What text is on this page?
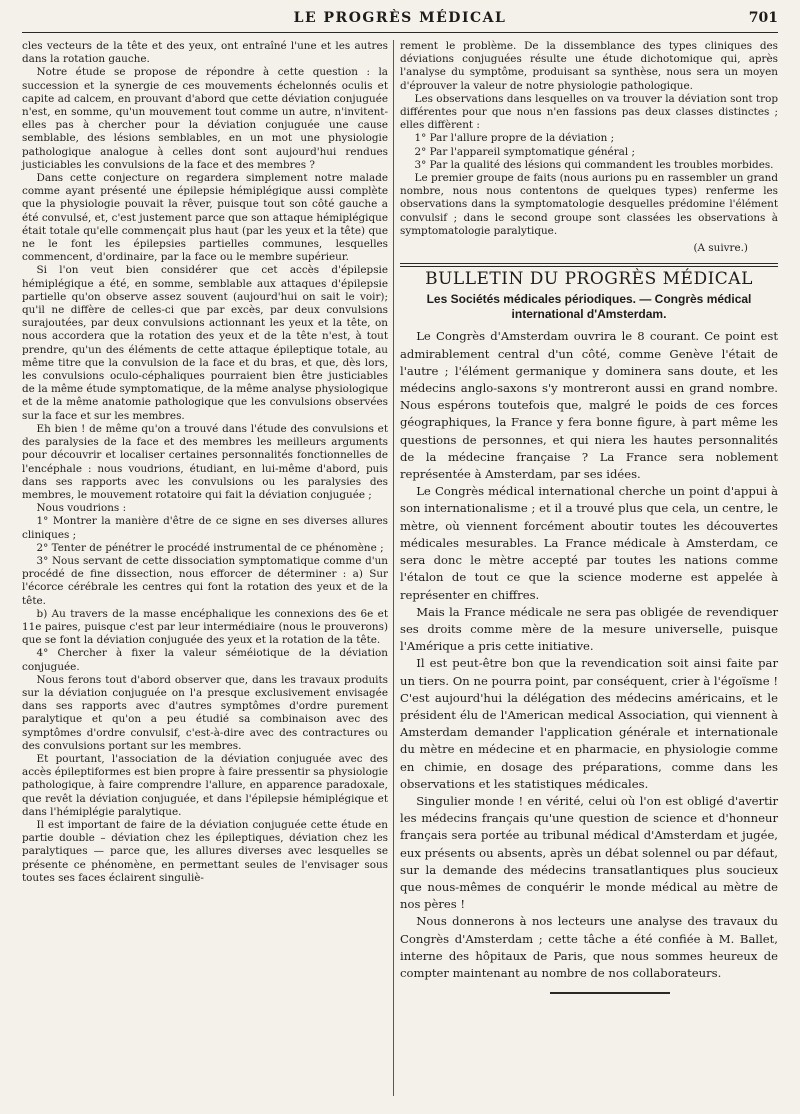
LE PROGRÈS MÉDICAL	701

cles vecteurs de la tête et des yeux, ont entraîné l'une et les autres dans la rotation gauche.

Notre étude se propose de répondre à cette question : la succession et la synergie de ces mouvements échelonnés oculis et capite ad calcem, en prouvant d'abord que cette déviation conjuguée n'est, en somme, qu'un mouvement tout comme un autre, n'invitent-elles pas à chercher pour la déviation conjuguée une cause semblable, des lésions semblables, en un mot une physiologie pathologique analogue à celles dont sont aujourd'hui rendues justiciables les convulsions de la face et des membres ?

Dans cette conjecture on regardera simplement notre malade comme ayant présenté une épilepsie hémiplégique aussi complète que la physiologie pouvait la rêver, puisque tout son côté gauche a été convulsé, et, c'est justement parce que son attaque hémiplégique était totale qu'elle commençait plus haut (par les yeux et la tête) que ne le font les épilepsies partielles communes, lesquelles commencent, d'ordinaire, par la face ou le membre supérieur.

Si l'on veut bien considérer que cet accès d'épilepsie hémiplégique a été, en somme, semblable aux attaques d'épilepsie partielle qu'on observe assez souvent (aujourd'hui on sait le voir); qu'il ne diffère de celles-ci que par excès, par deux convulsions surajoutées, par deux convulsions actionnant les yeux et la tête, on nous accordera que la rotation des yeux et de la tête n'est, à tout prendre, qu'un des éléments de cette attaque épileptique totale, au même titre que la convulsion de la face et du bras, et que, dès lors, les convulsions oculo-céphaliques pourraient bien être justiciables de la même étude symptomatique, de la même analyse physiologique et de la même anatomie pathologique que les convulsions observées sur la face et sur les membres.

Eh bien ! de même qu'on a trouvé dans l'étude des convulsions et des paralysies de la face et des membres les meilleurs arguments pour découvrir et localiser certaines personnalités fonctionnelles de l'encéphale : nous voudrions, étudiant, en lui-même d'abord, puis dans ses rapports avec les convulsions ou les paralysies des membres, le mouvement rotatoire qui fait la déviation conjuguée ;

Nous voudrions :

1° Montrer la manière d'être de ce signe en ses diverses allures cliniques ;
2° Tenter de pénétrer le procédé instrumental de ce phénomène ;
3° Nous servant de cette dissociation symptomatique comme d'un procédé de fine dissection, nous efforcer de déterminer : a) Sur l'écorce cérébrale les centres qui font la rotation des yeux et de la tête.
b) Au travers de la masse encéphalique les connexions des 6e et 11e paires, puisque c'est par leur intermédiaire (nous le prouverons) que se font la déviation conjuguée des yeux et la rotation de la tête.
4° Chercher à fixer la valeur séméiotique de la déviation conjuguée.

Nous ferons tout d'abord observer que, dans les travaux produits sur la déviation conjuguée on l'a presque exclusivement envisagée dans ses rapports avec d'autres symptômes d'ordre purement paralytique et qu'on a peu étudié sa combinaison avec des symptômes d'ordre convulsif, c'est-à-dire avec des contractures ou des convulsions portant sur les membres.

Et pourtant, l'association de la déviation conjuguée avec des accès épileptiformes est bien propre à faire pressentir sa physiologie pathologique, à faire comprendre l'allure, en apparence paradoxale, que revêt la déviation conjuguée, et dans l'épilepsie hémiplégique et dans l'hémiplégie paralytique.

Il est important de faire de la déviation conjuguée cette étude en partie double – déviation chez les épileptiques, déviation chez les paralytiques — parce que, les allures diverses avec lesquelles se présente ce phénomène, en permettant seules de l'envisager sous toutes ses faces éclairent singuliè-

rement le problème. De la dissemblance des types cliniques des déviations conjuguées résulte une étude dichotomique qui, après l'analyse du symptôme, produisant sa synthèse, nous sera un moyen d'éprouver la valeur de notre physiologie pathologique.

Les observations dans lesquelles on va trouver la déviation sont trop différentes pour que nous n'en fassions pas deux classes distinctes ; elles diffèrent :

1° Par l'allure propre de la déviation ;
2° Par l'appareil symptomatique général ;
3° Par la qualité des lésions qui commandent les troubles morbides.

Le premier groupe de faits (nous aurions pu en rassembler un grand nombre, nous nous contentons de quelques types) renferme les observations dans la symptomatologie desquelles prédomine l'élément convulsif ; dans le second groupe sont classées les observations à symptomatologie paralytique.

(A suivre.)

BULLETIN DU PROGRÈS MÉDICAL
Les Sociétés médicales périodiques. — Congrès médical international d'Amsterdam.

Le Congrès d'Amsterdam ouvrira le 8 courant. Ce point est admirablement central d'un côté, comme Genève l'était de l'autre ; l'élément germanique y dominera sans doute, et les médecins anglo-saxons s'y montreront aussi en grand nombre. Nous espérons toutefois que, malgré le poids de ces forces géographiques, la France y fera bonne figure, à part même les questions de personnes, et qui niera les hautes personnalités de la médecine française ? La France sera noblement représentée à Amsterdam, par ses idées.

Le Congrès médical international cherche un point d'appui à son internationalisme ; et il a trouvé plus que cela, un centre, le mètre, où viennent forcément aboutir toutes les découvertes médicales mesurables. La France médicale à Amsterdam, ce sera donc le mètre accepté par toutes les nations comme l'étalon de tout ce que la science moderne est appelée à représenter en chiffres.

Mais la France médicale ne sera pas obligée de revendiquer ses droits comme mère de la mesure universelle, puisque l'Amérique a pris cette initiative.

Il est peut-être bon que la revendication soit ainsi faite par un tiers. On ne pourra point, par conséquent, crier à l'égoïsme ! C'est aujourd'hui la délégation des médecins américains, et le président élu de l'American medical Association, qui viennent à Amsterdam demander l'application générale et internationale du mètre en médecine et en pharmacie, en physiologie comme en chimie, en dosage des préparations, comme dans les observations et les statistiques médicales.

Singulier monde ! en vérité, celui où l'on est obligé d'avertir les médecins français qu'une question de science et d'honneur français sera portée au tribunal médical d'Amsterdam et jugée, eux présents ou absents, après un débat solennel ou par défaut, sur la demande des médecins transatlantiques plus soucieux que nous-mêmes de conquérir le monde médical au mètre de nos pères !

Nous donnerons à nos lecteurs une analyse des travaux du Congrès d'Amsterdam ; cette tâche a été confiée à M. Ballet, interne des hôpitaux de Paris, que nous sommes heureux de compter maintenant au nombre de nos collaborateurs.
